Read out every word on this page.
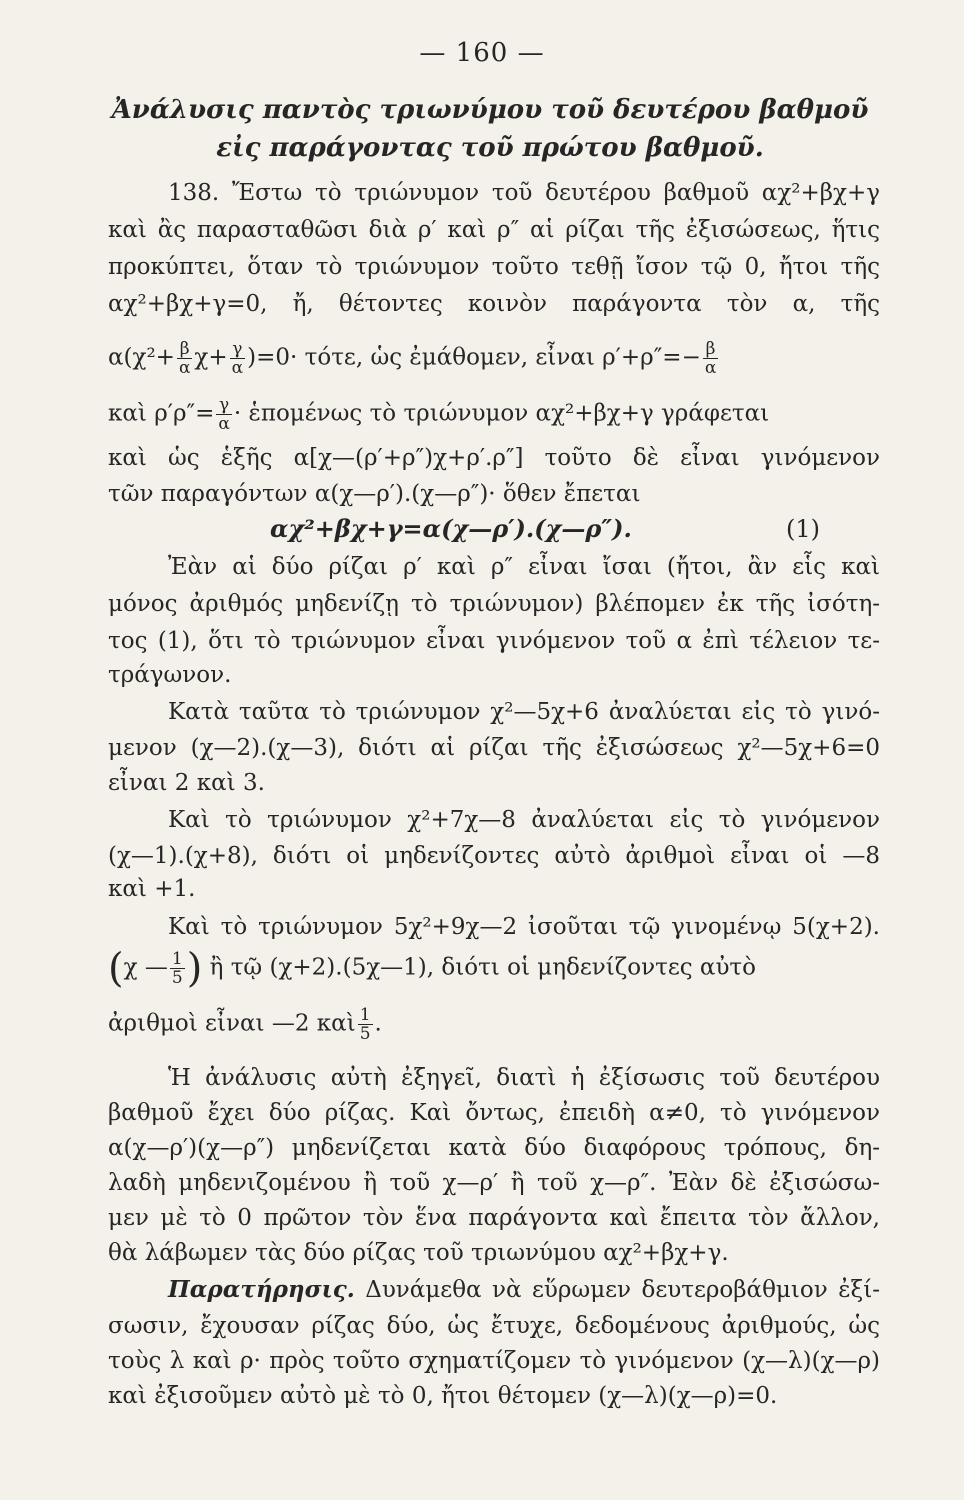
— 160 —
Ἀνάλυσις παντὸς τριωνύμου τοῦ δευτέρου βαθμοῦ
εἰς παράγοντας τοῦ πρώτου βαθμοῦ.
138. Ἔστω τὸ τριώνυμον τοῦ δευτέρου βαθμοῦ αχ²+βχ+γ
καὶ ἂς παρασταθῶσι διὰ ρ′ καὶ ρ″ αἱ ρίζαι τῆς ἐξισώσεως, ἥτις
προκύπτει, ὅταν τὸ τριώνυμον τοῦτο τεθῇ ἴσον τῷ 0, ἤτοι τῆς
αχ²+βχ+γ=0, ἤ, θέτοντες κοινὸν παράγοντα τὸν α, τῆς
$\alpha(\chi^2+ \frac{\beta}{\alpha} \chi+ \frac{\gamma}{\alpha} )=0\cdot \tau ό\tau\varepsilon$, ὡς ἐμάθομεν, εἶναι $\rho'+\rho''=- \frac{\beta}{\alpha}$
καὶ $\rho'\rho''= \frac{\gamma}{\alpha}$ · ἑπομένως τὸ τριώνυμον αχ²+βχ+γ γράφεται
καὶ ὡς ἑξῆς α[χ—(ρ′+ρ″)χ+ρ′.ρ″] τοῦτο δὲ εἶναι γινόμενον
τῶν παραγόντων α(χ—ρ′).(χ—ρ″)· ὅθεν ἔπεται
αχ²+βχ+γ=α(χ—ρ′).(χ—ρ″).	(1)
Ἐὰν αἱ δύο ρίζαι ρ′ καὶ ρ″ εἶναι ἴσαι (ἤτοι, ἂν εἷς καὶ
μόνος ἀριθμός μηδενίζῃ τὸ τριώνυμον) βλέπομεν ἐκ τῆς ἰσότη-
τος (1), ὅτι τὸ τριώνυμον εἶναι γινόμενον τοῦ α ἐπὶ τέλειον τε-
τράγωνον.
Κατὰ ταῦτα τὸ τριώνυμον χ²—5χ+6 ἀναλύεται εἰς τὸ γινό-
μενον (χ—2).(χ—3), διότι αἱ ρίζαι τῆς ἐξισώσεως χ²—5χ+6=0
εἶναι 2 καὶ 3.
Καὶ τὸ τριώνυμον χ²+7χ—8 ἀναλύεται εἰς τὸ γινόμενον
(χ—1).(χ+8), διότι οἱ μηδενίζοντες αὐτὸ ἀριθμοὶ εἶναι οἱ —8
καὶ +1.
Καὶ τὸ τριώνυμον 5χ²+9χ—2 ἰσοῦται τῷ γινομένῳ 5(χ+2).
(χ — $\frac{1}{5}$ ) ἢ τῷ (χ+2).(5χ—1), διότι οἱ μηδενίζοντες αὐτὸ
ἀριθμοὶ εἶναι —2 καὶ $\frac{1}{5}$ .
Ἡ ἀνάλυσις αὐτὴ ἐξηγεῖ, διατὶ ἡ ἐξίσωσις τοῦ δευτέρου
βαθμοῦ ἔχει δύο ρίζας. Καὶ ὄντως, ἐπειδὴ α≠0, τὸ γινόμενον
α(χ—ρ′)(χ—ρ″) μηδενίζεται κατὰ δύο διαφόρους τρόπους, δη-
λαδὴ μηδενιζομένου ἢ τοῦ χ—ρ′ ἢ τοῦ χ—ρ″. Ἐὰν δὲ ἐξισώσω-
μεν μὲ τὸ 0 πρῶτον τὸν ἕνα παράγοντα καὶ ἔπειτα τὸν ἄλλον,
θὰ λάβωμεν τὰς δύο ρίζας τοῦ τριωνύμου αχ²+βχ+γ.
Παρατήρησις. Δυνάμεθα νὰ εὕρωμεν δευτεροβάθμιον ἐξί-
σωσιν, ἔχουσαν ρίζας δύο, ὡς ἔτυχε, δεδομένους ἀριθμούς, ὡς
τοὺς λ καὶ ρ· πρὸς τοῦτο σχηματίζομεν τὸ γινόμενον (χ—λ)(χ—ρ)
καὶ ἐξισοῦμεν αὐτὸ μὲ τὸ 0, ἤτοι θέτομεν (χ—λ)(χ—ρ)=0.
